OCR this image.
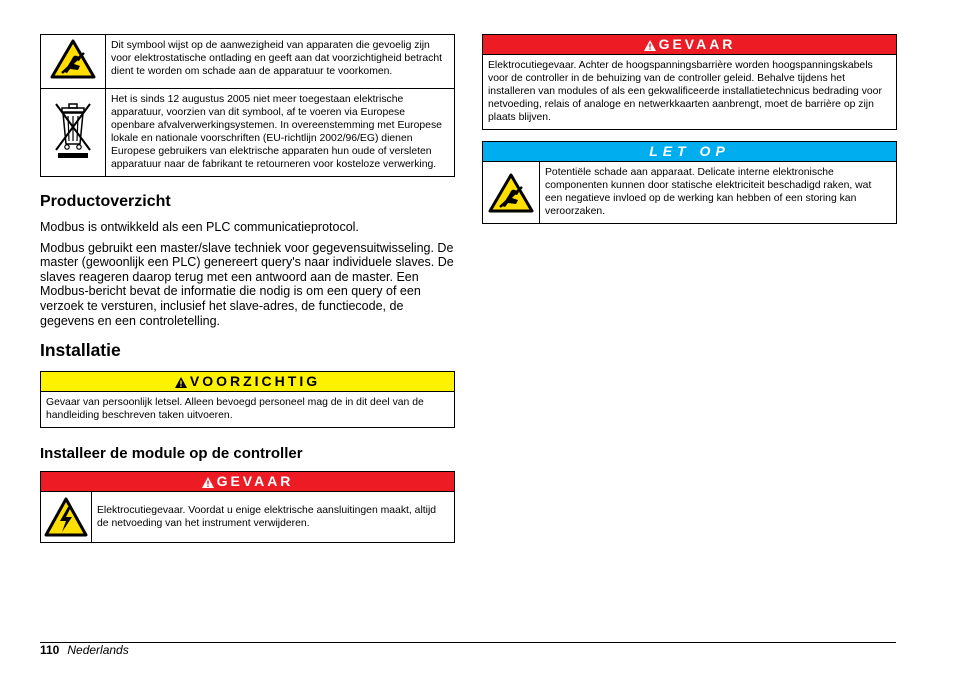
	Dit symbool wijst op de aanwezigheid van apparaten die gevoelig zijn voor elektrostatische ontlading en geeft aan dat voorzichtigheid betracht dient te worden om schade aan de apparatuur te voorkomen.
	Het is sinds 12 augustus 2005 niet meer toegestaan elektrische apparatuur, voorzien van dit symbool, af te voeren via Europese openbare afvalverwerkingsystemen. In overeenstemming met Europese lokale en nationale voorschriften (EU-richtlijn 2002/96/EG) dienen Europese gebruikers van elektrische apparaten hun oude of versleten apparatuur naar de fabrikant te retourneren voor kosteloze verwerking.
Productoverzicht

Modbus is ontwikkeld als een PLC communicatieprotocol.

Modbus gebruikt een master/slave techniek voor gegevensuitwisseling. De master (gewoonlijk een PLC) genereert query's naar individuele slaves. De slaves reageren daarop terug met een antwoord aan de master. Een Modbus-bericht bevat de informatie die nodig is om een query of een verzoek te versturen, inclusief het slave-adres, de functiecode, de gegevens en een controletelling.

Installatie
VOORZICHTIG
Gevaar van persoonlijk letsel. Alleen bevoegd personeel mag de in dit deel van de handleiding beschreven taken uitvoeren.
Installeer de module op de controller
GEVAAR
Elektrocutiegevaar. Voordat u enige elektrische aansluitingen maakt, altijd de netvoeding van het instrument verwijderen.
GEVAAR
Elektrocutiegevaar. Achter de hoogspanningsbarrière worden hoogspanningskabels voor de controller in de behuizing van de controller geleid. Behalve tijdens het installeren van modules of als een gekwalificeerde installatietechnicus bedrading voor netvoeding, relais of analoge en netwerkkaarten aanbrengt, moet de barrière op zijn plaats blijven.
LET OP
Potentiële schade aan apparaat. Delicate interne elektronische componenten kunnen door statische elektriciteit beschadigd raken, wat een negatieve invloed op de werking kan hebben of een storing kan veroorzaken.
110 Nederlands
